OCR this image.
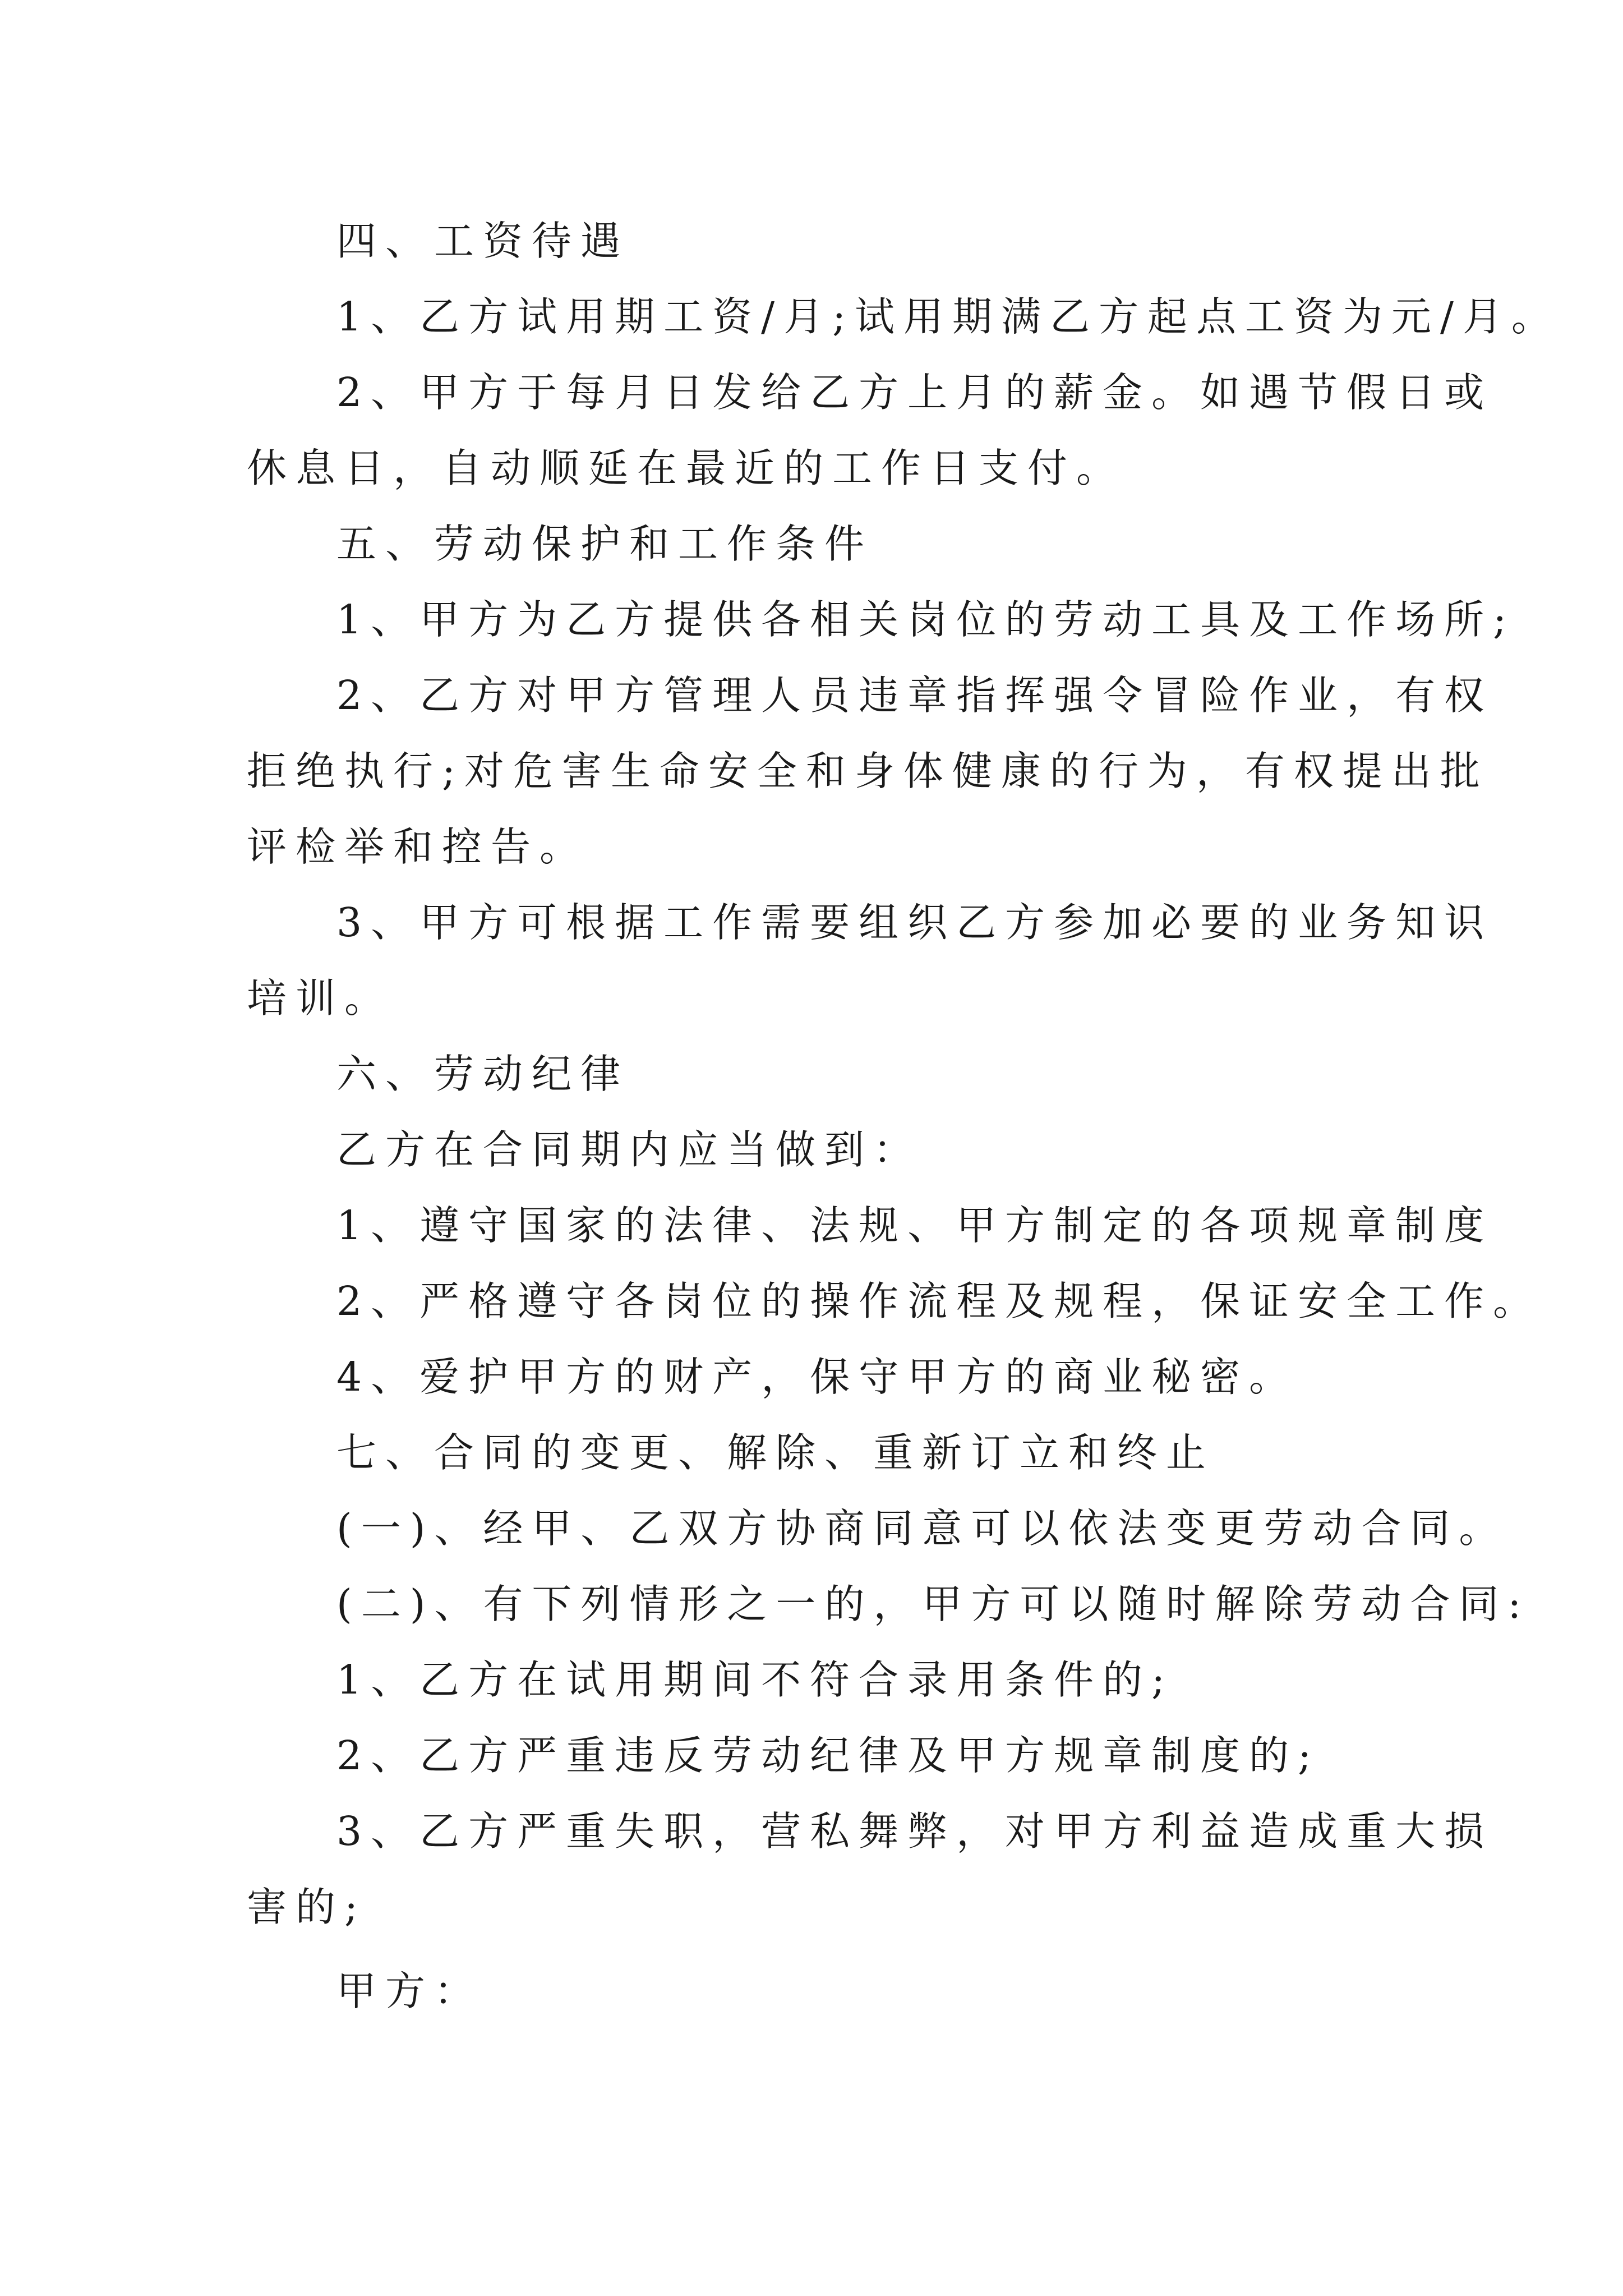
四、工资待遇
1、乙方试用期工资/月;试用期满乙方起点工资为元/月。
2、甲方于每月日发给乙方上月的薪金。如遇节假日或
休息日，自动顺延在最近的工作日支付。
五、劳动保护和工作条件
1、甲方为乙方提供各相关岗位的劳动工具及工作场所;
2、乙方对甲方管理人员违章指挥强令冒险作业，有权
拒绝执行;对危害生命安全和身体健康的行为，有权提出批
评检举和控告。
3、甲方可根据工作需要组织乙方参加必要的业务知识
培训。
六、劳动纪律
乙方在合同期内应当做到：
1、遵守国家的法律、法规、甲方制定的各项规章制度
2、严格遵守各岗位的操作流程及规程，保证安全工作。
4、爱护甲方的财产，保守甲方的商业秘密。
七、合同的变更、解除、重新订立和终止
(一)、经甲、乙双方协商同意可以依法变更劳动合同。
(二)、有下列情形之一的，甲方可以随时解除劳动合同:
1、乙方在试用期间不符合录用条件的;
2、乙方严重违反劳动纪律及甲方规章制度的;
3、乙方严重失职，营私舞弊，对甲方利益造成重大损
害的;
甲方：
